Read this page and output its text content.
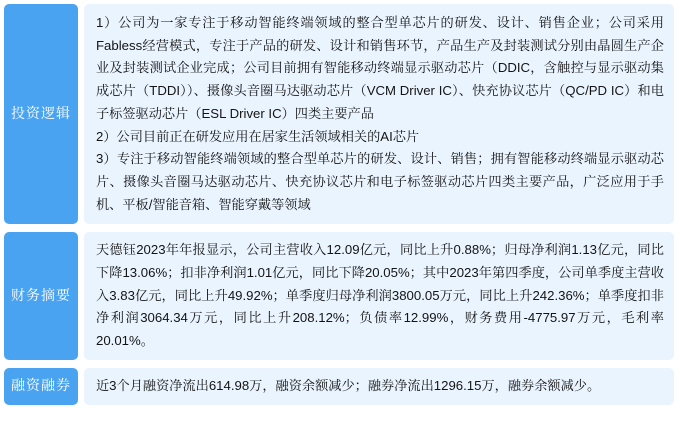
投资逻辑

1）公司为一家专注于移动智能终端领域的整合型单芯片的研发、设计、销售企业；公司采用Fabless经营模式，专注于产品的研发、设计和销售环节，产品生产及封装测试分别由晶圆生产企业及封装测试企业完成；公司目前拥有智能移动终端显示驱动芯片（DDIC，含触控与显示驱动集成芯片（TDDI））、摄像头音圈马达驱动芯片（VCM Driver IC）、快充协议芯片（QC/PD IC）和电子标签驱动芯片（ESL Driver IC）四类主要产品

2）公司目前正在研发应用在居家生活领域相关的AI芯片

3）专注于移动智能终端领域的整合型单芯片的研发、设计、销售；拥有智能移动终端显示驱动芯片、摄像头音圈马达驱动芯片、快充协议芯片和电子标签驱动芯片四类主要产品，广泛应用于手机、平板/智能音箱、智能穿戴等领域

财务摘要

天德钰2023年年报显示，公司主营收入12.09亿元，同比上升0.88%；归母净利润1.13亿元，同比下降13.06%；扣非净利润1.01亿元，同比下降20.05%；其中2023年第四季度，公司单季度主营收入3.83亿元，同比上升49.92%；单季度归母净利润3800.05万元，同比上升242.36%；单季度扣非净利润3064.34万元，同比上升208.12%；负债率12.99%，财务费用-4775.97万元，毛利率20.01%。

融资融券	近3个月融资净流出614.98万，融资余额减少；融券净流出1296.15万，融券余额减少。
